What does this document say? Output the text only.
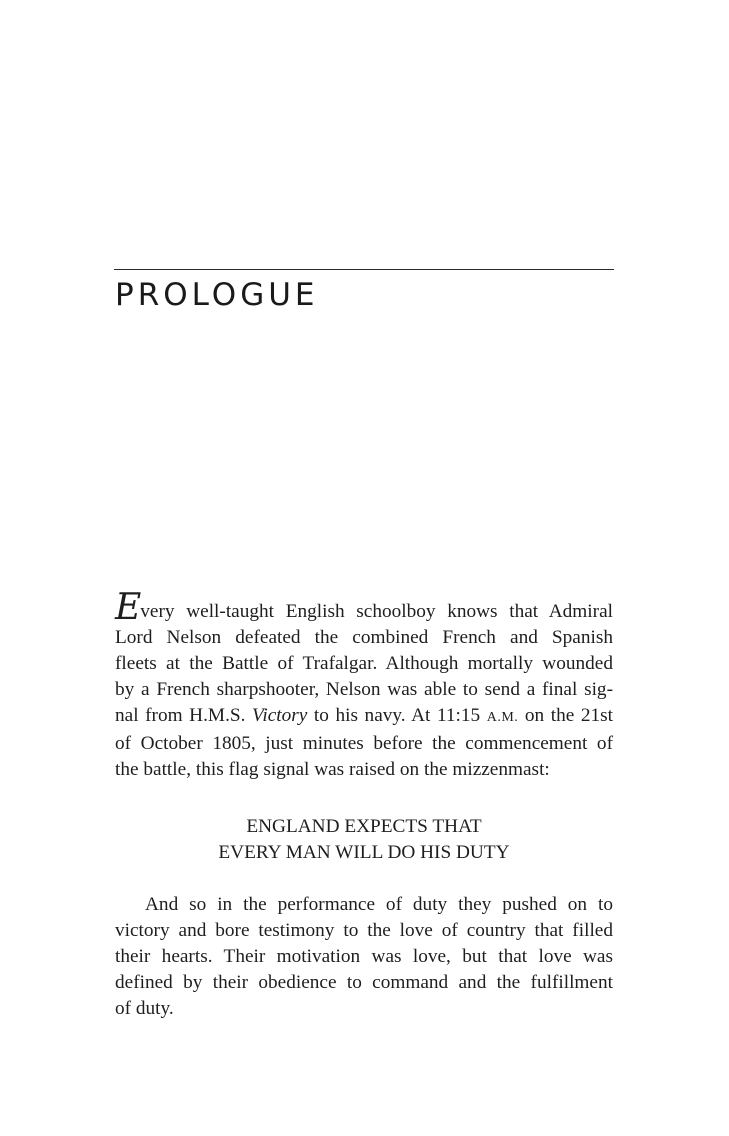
PROLOGUE
Every well-taught English schoolboy knows that Admiral
Lord Nelson defeated the combined French and Spanish
fleets at the Battle of Trafalgar. Although mortally wounded
by a French sharpshooter, Nelson was able to send a final sig-
nal from H.M.S. Victory to his navy. At 11:15 A.M. on the 21st
of October 1805, just minutes before the commencement of
the battle, this flag signal was raised on the mizzenmast:
ENGLAND EXPECTS THAT
EVERY MAN WILL DO HIS DUTY
And so in the performance of duty they pushed on to
victory and bore testimony to the love of country that filled
their hearts. Their motivation was love, but that love was
defined by their obedience to command and the fulfillment
of duty.
